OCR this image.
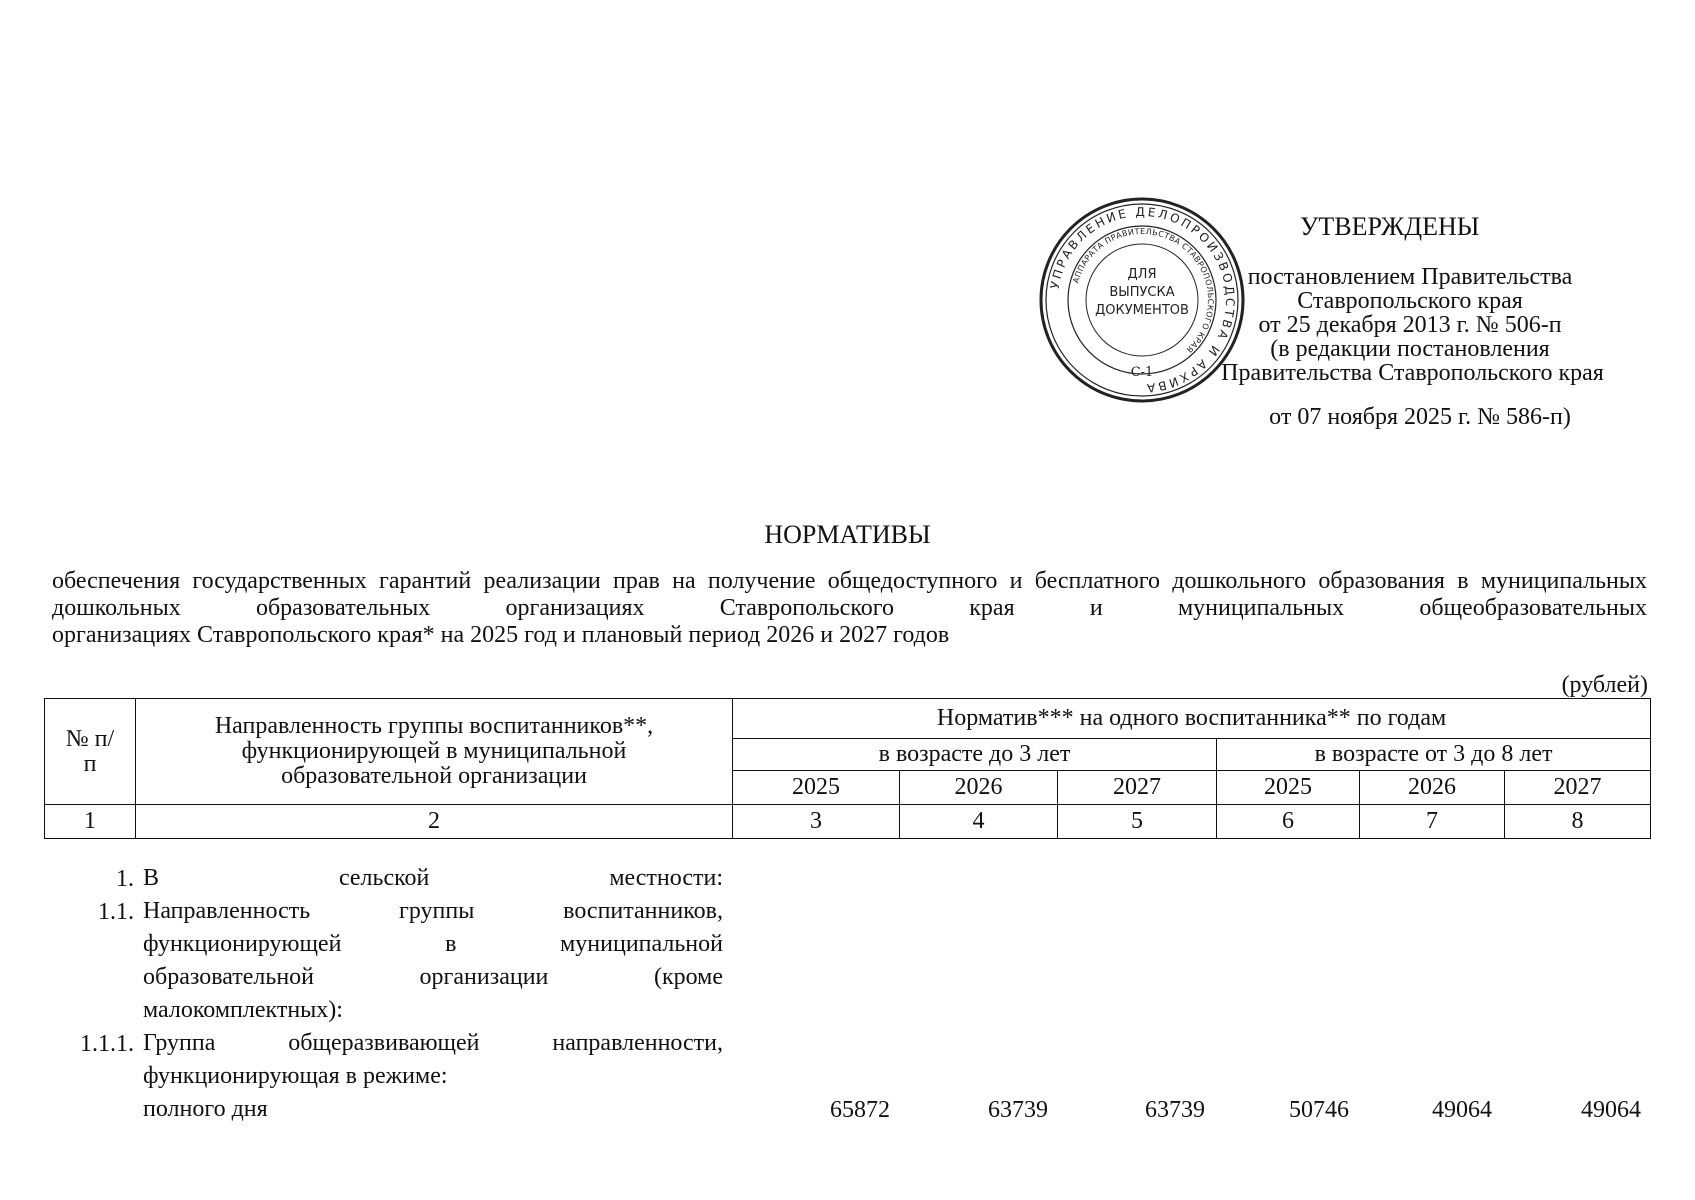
УТВЕРЖДЕНЫ
постановлением Правительства
Ставропольского края
от 25 декабря 2013 г. № 506-п
(в редакции постановления
Правительства Ставропольского края
от 07 ноября 2025 г. № 586-п)
УПРАВЛЕНИЕ ДЕЛОПРОИЗВОДСТВА И АРХИВА
АППАРАТА ПРАВИТЕЛЬСТВА СТАВРОПОЛЬСКОГО КРАЯ
ДЛЯ
ВЫПУСКА
ДОКУМЕНТОВ
С-1
НОРМАТИВЫ
обеспечения государственных гарантий реализации прав на получение общедоступного и бесплатного дошкольного образования в муниципальных дошкольных образовательных организациях Ставропольского края и муниципальных общеобразовательных
организациях Ставропольского края* на 2025 год и плановый период 2026 и 2027 годов
(рублей)
№ п/п	Направленность группы воспитанников**, функционирующей в муниципальной образовательной организации	Норматив*** на одного воспитанника** по годам					
		в возрасте до 3 лет			в возрасте от 3 до 8 лет		
		2025	2026	2027	2025	2026	2027
1	2	3	4	5	6	7	8
1. В сельской местности:
1.1. Направленность группы воспитанников,
функционирующей в муниципальной
образовательной организации (кроме
малокомплектных):
1.1.1. Группа общеразвивающей направленности,
функционирующая в режиме:
полного дня	65872	63739	63739	50746	49064	49064
